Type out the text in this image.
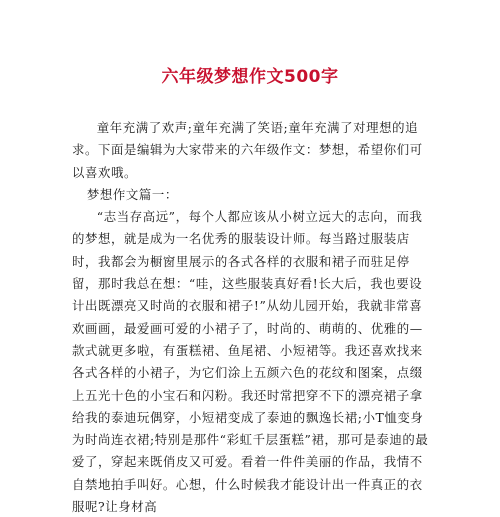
六年级梦想作文500字

童年充满了欢声;童年充满了笑语;童年充满了对理想的追求。下面是编辑为大家带来的六年级作文：梦想，希望你们可以喜欢哦。

梦想作文篇一：

“志当存高远”，每个人都应该从小树立远大的志向，而我的梦想，就是成为一名优秀的服装设计师。每当路过服装店时，我都会为橱窗里展示的各式各样的衣服和裙子而驻足停留，那时我总在想：“哇，这些服装真好看!长大后，我也要设计出既漂亮又时尚的衣服和裙子!”从幼儿园开始，我就非常喜欢画画，最爱画可爱的小裙子了，时尚的、萌萌的、优雅的—

款式就更多啦，有蛋糕裙、鱼尾裙、小短裙等。我还喜欢找来各式各样的小裙子，为它们涂上五颜六色的花纹和图案，点缀上五光十色的小宝石和闪粉。我还时常把穿不下的漂亮裙子拿给我的泰迪玩偶穿，小短裙变成了泰迪的飘逸长裙;小T恤变身为时尚连衣裙;特别是那件“彩虹千层蛋糕”裙，那可是泰迪的最爱了，穿起来既俏皮又可爱。看着一件件美丽的作品，我情不自禁地拍手叫好。心想，什么时候我才能设计出一件真正的衣服呢?让身材高
